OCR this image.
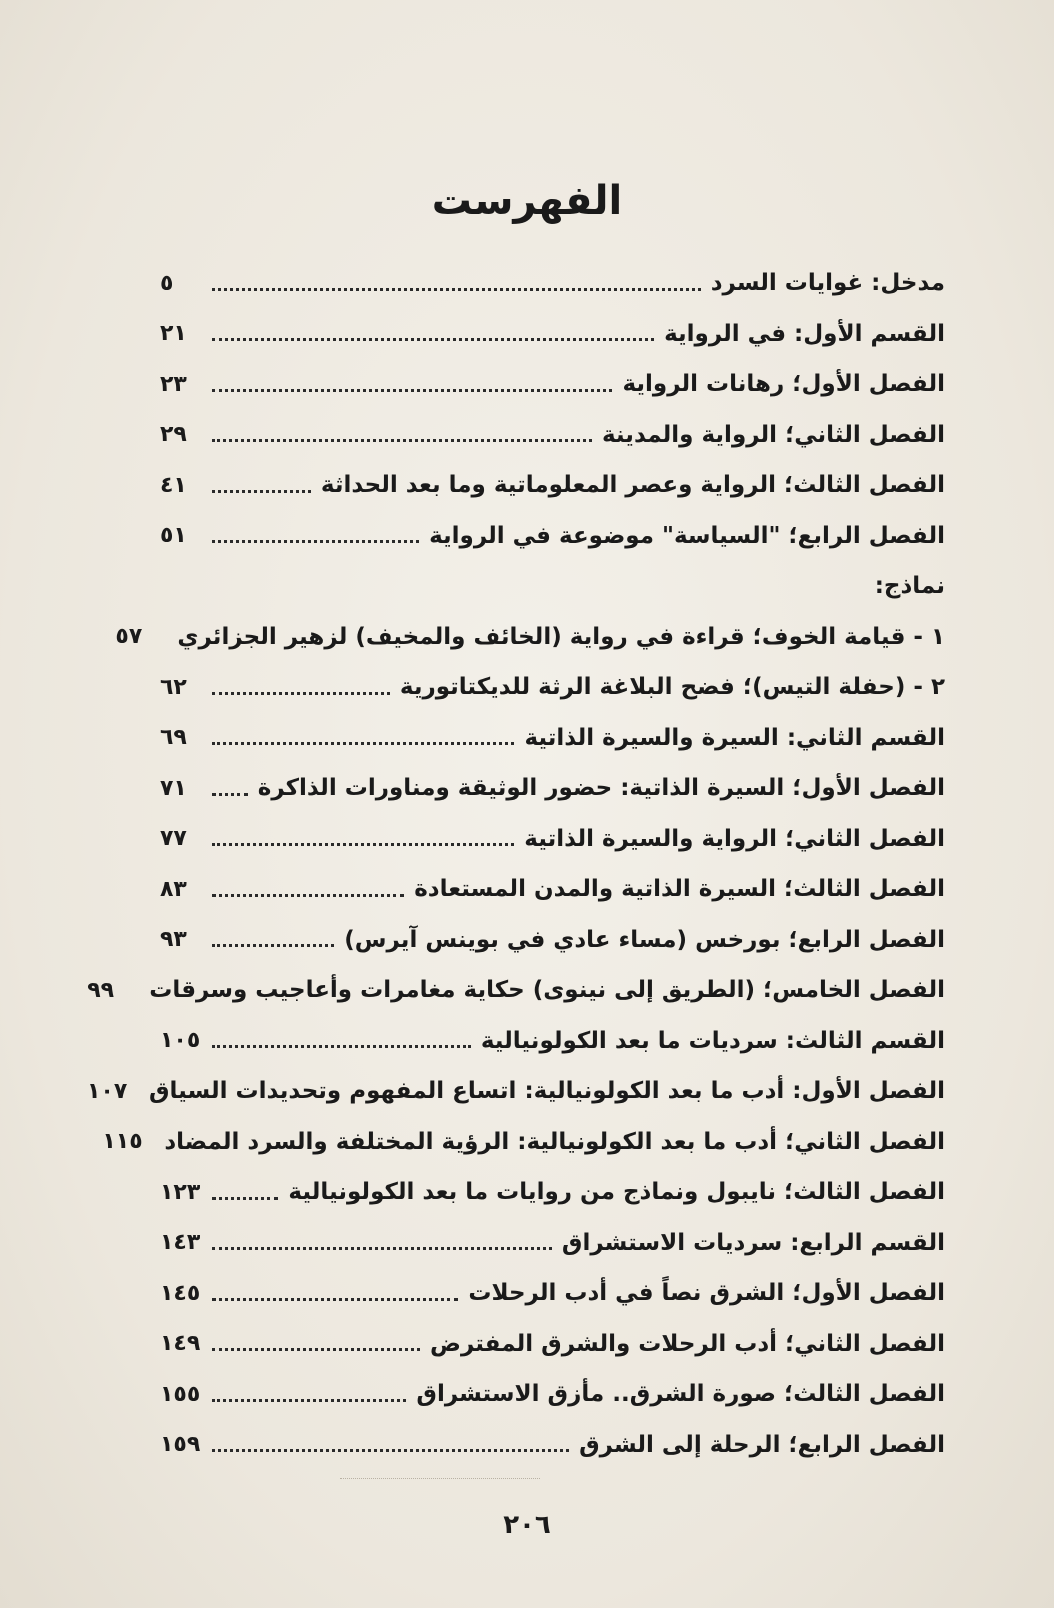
الفهرست
مدخل: غوايات السرد
٥
القسم الأول: في الرواية
٢١
الفصل الأول؛ رهانات الرواية
٢٣
الفصل الثاني؛ الرواية والمدينة
٢٩
الفصل الثالث؛ الرواية وعصر المعلوماتية وما بعد الحداثة
٤١
الفصل الرابع؛ "السياسة" موضوعة في الرواية
٥١
نماذج:
١ - قيامة الخوف؛ قراءة في رواية (الخائف والمخيف) لزهير الجزائري
٥٧
٢ - (حفلة التيس)؛ فضح البلاغة الرثة للديكتاتورية
٦٢
القسم الثاني: السيرة والسيرة الذاتية
٦٩
الفصل الأول؛ السيرة الذاتية: حضور الوثيقة ومناورات الذاكرة
٧١
الفصل الثاني؛ الرواية والسيرة الذاتية
٧٧
الفصل الثالث؛ السيرة الذاتية والمدن المستعادة
٨٣
الفصل الرابع؛ بورخس (مساء عادي في بوينس آيرس)
٩٣
الفصل الخامس؛ (الطريق إلى نينوى) حكاية مغامرات وأعاجيب وسرقات
٩٩
القسم الثالث: سرديات ما بعد الكولونيالية
١٠٥
الفصل الأول: أدب ما بعد الكولونيالية: اتساع المفهوم وتحديدات السياق
١٠٧
الفصل الثاني؛ أدب ما بعد الكولونيالية: الرؤية المختلفة والسرد المضاد
١١٥
الفصل الثالث؛ نايبول ونماذج من روايات ما بعد الكولونيالية
١٢٣
القسم الرابع: سرديات الاستشراق
١٤٣
الفصل الأول؛ الشرق نصاً في أدب الرحلات
١٤٥
الفصل الثاني؛ أدب الرحلات والشرق المفترض
١٤٩
الفصل الثالث؛ صورة الشرق.. مأزق الاستشراق
١٥٥
الفصل الرابع؛ الرحلة إلى الشرق
١٥٩
٢٠٦
